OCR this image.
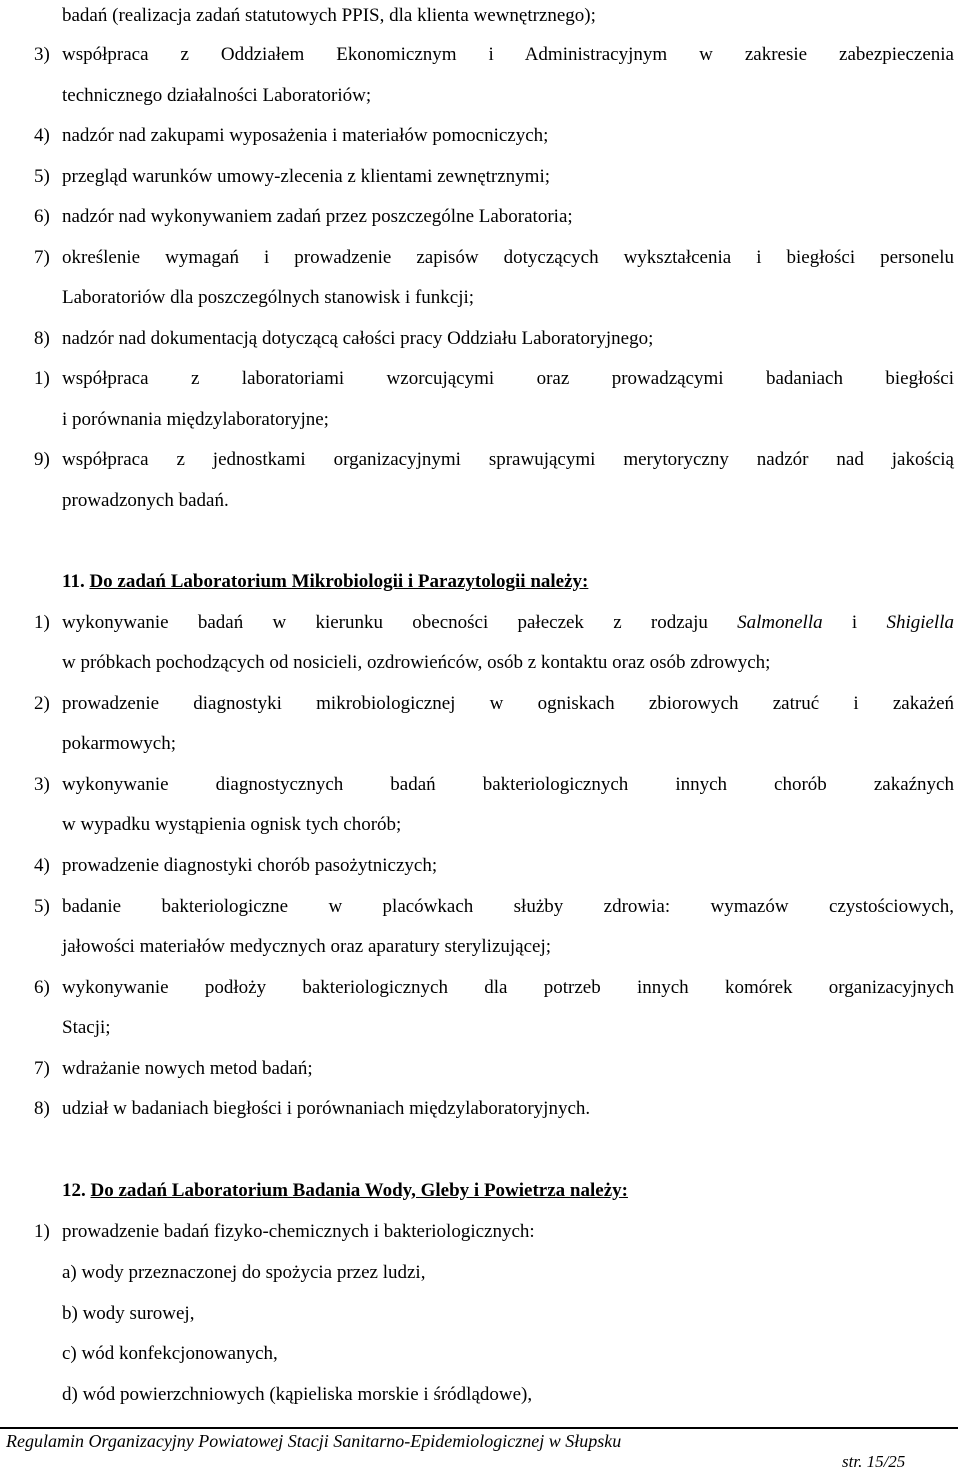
badań (realizacja zadań statutowych PPIS, dla klienta wewnętrznego);
3) współpraca z Oddziałem Ekonomicznym i Administracyjnym w zakresie zabezpieczenia
technicznego działalności Laboratoriów;
4) nadzór nad zakupami wyposażenia i materiałów pomocniczych;
5) przegląd warunków umowy-zlecenia z klientami zewnętrznymi;
6) nadzór nad wykonywaniem zadań przez poszczególne Laboratoria;
7) określenie wymagań i prowadzenie zapisów dotyczących wykształcenia i biegłości personelu
Laboratoriów dla poszczególnych stanowisk i funkcji;
8) nadzór nad dokumentacją dotyczącą całości pracy Oddziału Laboratoryjnego;
1) współpraca z laboratoriami wzorcującymi oraz prowadzącymi badaniach biegłości
i porównania międzylaboratoryjne;
9) współpraca z jednostkami organizacyjnymi sprawującymi merytoryczny nadzór nad jakością
prowadzonych badań.
11. Do zadań Laboratorium Mikrobiologii i Parazytologii należy:
1) wykonywanie badań w kierunku obecności pałeczek z rodzaju Salmonella i Shigiella
w próbkach pochodzących od nosicieli, ozdrowieńców, osób z kontaktu oraz osób zdrowych;
2) prowadzenie diagnostyki mikrobiologicznej w ogniskach zbiorowych zatruć i zakażeń
pokarmowych;
3) wykonywanie diagnostycznych badań bakteriologicznych innych chorób zakaźnych
w wypadku wystąpienia ognisk tych chorób;
4) prowadzenie diagnostyki chorób pasożytniczych;
5) badanie bakteriologiczne w placówkach służby zdrowia: wymazów czystościowych,
jałowości materiałów medycznych oraz aparatury sterylizującej;
6) wykonywanie podłoży bakteriologicznych dla potrzeb innych komórek organizacyjnych
Stacji;
7) wdrażanie nowych metod badań;
8) udział w badaniach biegłości i porównaniach międzylaboratoryjnych.
12. Do zadań Laboratorium Badania Wody, Gleby i Powietrza należy:
1) prowadzenie badań fizyko-chemicznych i bakteriologicznych:
a) wody przeznaczonej do spożycia przez ludzi,
b) wody surowej,
c) wód konfekcjonowanych,
d) wód powierzchniowych (kąpieliska morskie i śródlądowe),
Regulamin Organizacyjny Powiatowej Stacji Sanitarno-Epidemiologicznej w Słupsku
str. 15/25
